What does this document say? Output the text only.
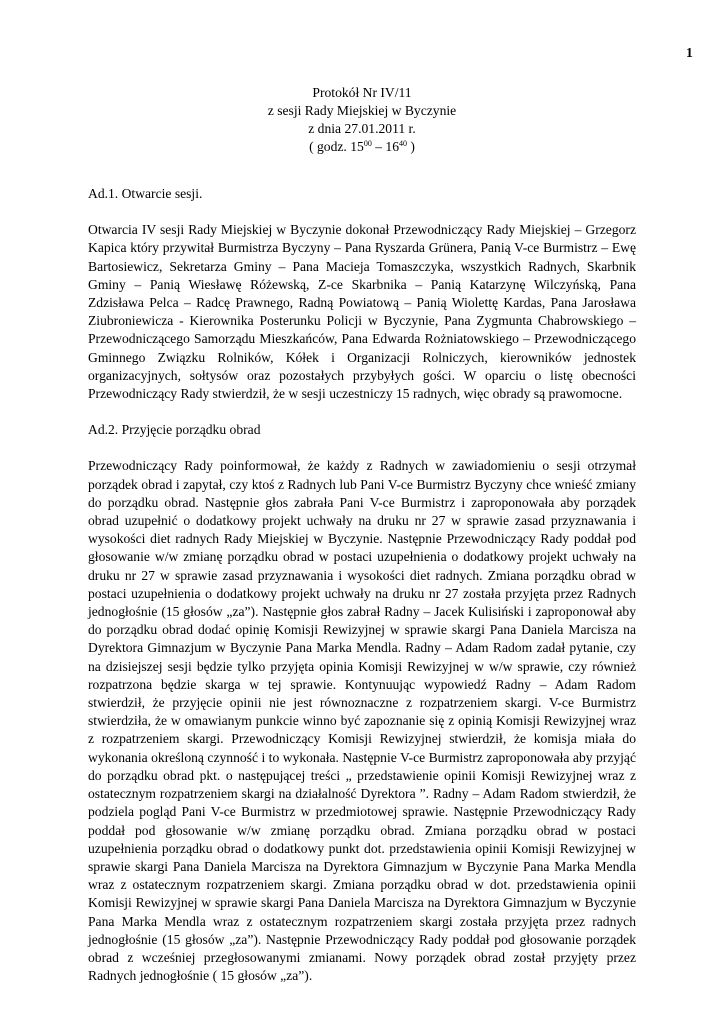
1
Protokół Nr IV/11
z sesji Rady Miejskiej w Byczynie
z dnia 27.01.2011 r.
( godz. $15^{00} - 16^{40}$ )
Ad.1. Otwarcie sesji.
Otwarcia IV sesji Rady Miejskiej w Byczynie dokonał Przewodniczący Rady Miejskiej – Grzegorz Kapica który przywitał Burmistrza Byczyny – Pana Ryszarda Grünera, Panią V-ce Burmistrz – Ewę Bartosiewicz, Sekretarza Gminy – Pana Macieja Tomaszczyka, wszystkich Radnych, Skarbnik Gminy – Panią Wiesławę Różewską, Z-ce Skarbnika – Panią Katarzynę Wilczyńską, Pana Zdzisława Pelca – Radcę Prawnego, Radną Powiatową – Panią Wiolettę Kardas, Pana Jarosława Ziubroniewicza - Kierownika Posterunku Policji w Byczynie, Pana Zygmunta Chabrowskiego – Przewodniczącego Samorządu Mieszkańców, Pana Edwarda Rożniatowskiego – Przewodniczącego Gminnego Związku Rolników, Kółek i Organizacji Rolniczych, kierowników jednostek organizacyjnych, sołtysów oraz pozostałych przybyłych gości. W oparciu o listę obecności Przewodniczący Rady stwierdził, że w sesji uczestniczy 15 radnych, więc obrady są prawomocne.
Ad.2. Przyjęcie porządku obrad
Przewodniczący Rady poinformował, że każdy z Radnych w zawiadomieniu o sesji otrzymał porządek obrad i zapytał, czy ktoś z Radnych lub Pani V-ce Burmistrz Byczyny chce wnieść zmiany do porządku obrad. Następnie głos zabrała Pani V-ce Burmistrz i zaproponowała aby porządek obrad uzupełnić o dodatkowy projekt uchwały na druku nr 27 w sprawie zasad przyznawania i wysokości diet radnych Rady Miejskiej w Byczynie. Następnie Przewodniczący Rady poddał pod głosowanie w/w zmianę porządku obrad w postaci uzupełnienia o dodatkowy projekt uchwały na druku nr 27 w sprawie zasad przyznawania i wysokości diet radnych. Zmiana porządku obrad w postaci uzupełnienia o dodatkowy projekt uchwały na druku nr 27 została przyjęta przez Radnych jednogłośnie (15 głosów „za”). Następnie głos zabrał Radny – Jacek Kulisiński i zaproponował aby do porządku obrad dodać opinię Komisji Rewizyjnej w sprawie skargi Pana Daniela Marcisza na Dyrektora Gimnazjum w Byczynie Pana Marka Mendla. Radny – Adam Radom zadał pytanie, czy na dzisiejszej sesji będzie tylko przyjęta opinia Komisji Rewizyjnej w w/w sprawie, czy również rozpatrzona będzie skarga w tej sprawie. Kontynuując wypowiedź Radny – Adam Radom stwierdził, że przyjęcie opinii nie jest równoznaczne z rozpatrzeniem skargi. V-ce Burmistrz stwierdziła, że w omawianym punkcie winno być zapoznanie się z opinią Komisji Rewizyjnej wraz z rozpatrzeniem skargi. Przewodniczący Komisji Rewizyjnej stwierdził, że komisja miała do wykonania określoną czynność i to wykonała. Następnie V-ce Burmistrz zaproponowała aby przyjąć do porządku obrad pkt. o następującej treści „ przedstawienie opinii Komisji Rewizyjnej wraz z ostatecznym rozpatrzeniem skargi na działalność Dyrektora ”. Radny – Adam Radom stwierdził, że podziela pogląd Pani V-ce Burmistrz w przedmiotowej sprawie. Następnie Przewodniczący Rady poddał pod głosowanie w/w zmianę porządku obrad. Zmiana porządku obrad w postaci uzupełnienia porządku obrad o dodatkowy punkt dot. przedstawienia opinii Komisji Rewizyjnej w sprawie skargi Pana Daniela Marcisza na Dyrektora Gimnazjum w Byczynie Pana Marka Mendla wraz z ostatecznym rozpatrzeniem skargi. Zmiana porządku obrad w dot. przedstawienia opinii Komisji Rewizyjnej w sprawie skargi Pana Daniela Marcisza na Dyrektora Gimnazjum w Byczynie Pana Marka Mendla wraz z ostatecznym rozpatrzeniem skargi została przyjęta przez radnych jednogłośnie (15 głosów „za”). Następnie Przewodniczący Rady poddał pod głosowanie porządek obrad z wcześniej przegłosowanymi zmianami. Nowy porządek obrad został przyjęty przez Radnych jednogłośnie ( 15 głosów „za”).
